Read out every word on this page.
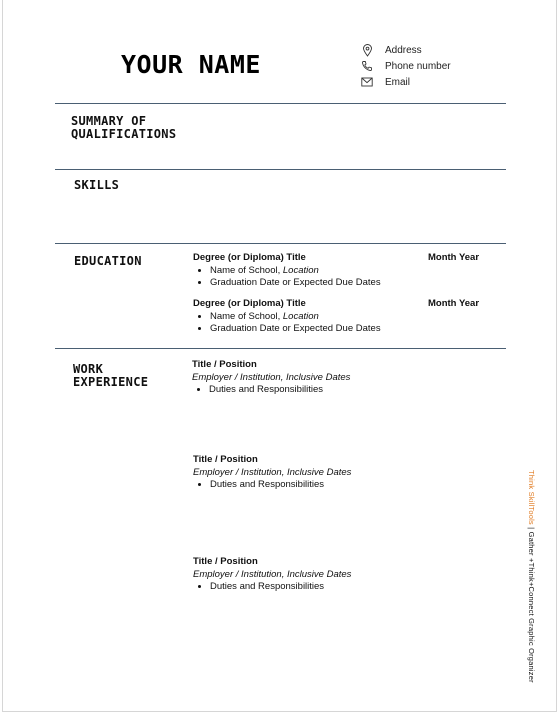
YOUR NAME	Address
Phone number
Email
SUMMARY OF QUALIFICATIONS
SKILLS
EDUCATION	Degree (or Diploma) Title
• Name of School, Location
• Graduation Date or Expected Due Dates
Month Year
Degree (or Diploma) Title
• Name of School, Location
• Graduation Date or Expected Due Dates
Month Year
WORK EXPERIENCE
Title / Position
Employer / Institution, Inclusive Dates
• Duties and Responsibilities
Title / Position
Employer / Institution, Inclusive Dates
• Duties and Responsibilities
Title / Position
Employer / Institution, Inclusive Dates
• Duties and Responsibilities
Think SkillTools | Gather +Think+Connect Graphic Organizer
